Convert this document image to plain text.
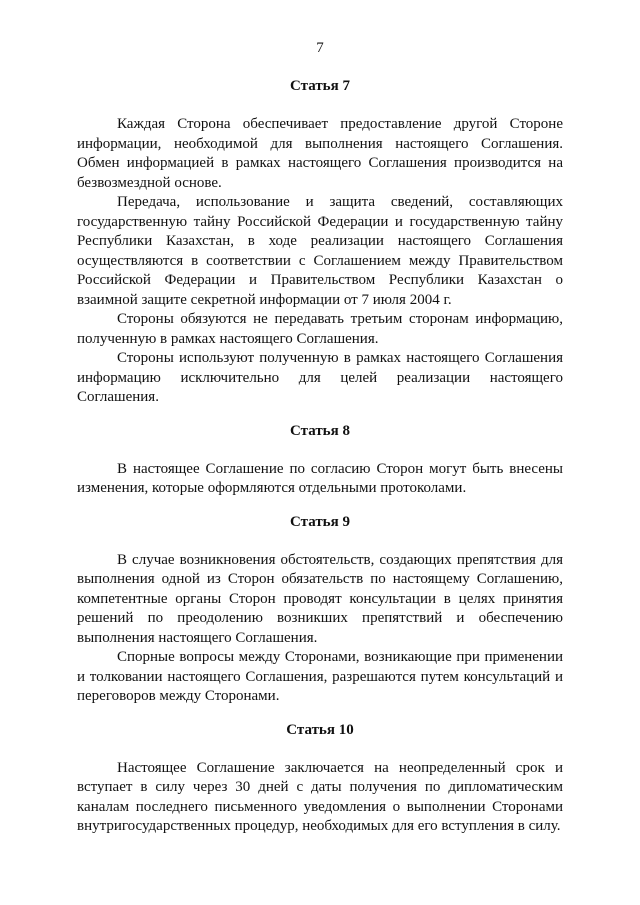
7
Статья 7

Каждая Сторона обеспечивает предоставление другой Стороне информации, необходимой для выполнения настоящего Соглашения. Обмен информацией в рамках настоящего Соглашения производится на безвозмездной основе.

Передача, использование и защита сведений, составляющих государственную тайну Российской Федерации и государственную тайну Республики Казахстан, в ходе реализации настоящего Соглашения осуществляются в соответствии с Соглашением между Правительством Российской Федерации и Правительством Республики Казахстан о взаимной защите секретной информации от 7 июля 2004 г.

Стороны обязуются не передавать третьим сторонам информацию, полученную в рамках настоящего Соглашения.

Стороны используют полученную в рамках настоящего Соглашения информацию исключительно для целей реализации настоящего Соглашения.

Статья 8

В настоящее Соглашение по согласию Сторон могут быть внесены изменения, которые оформляются отдельными протоколами.

Статья 9

В случае возникновения обстоятельств, создающих препятствия для выполнения одной из Сторон обязательств по настоящему Соглашению, компетентные органы Сторон проводят консультации в целях принятия решений по преодолению возникших препятствий и обеспечению выполнения настоящего Соглашения.

Спорные вопросы между Сторонами, возникающие при применении и толковании настоящего Соглашения, разрешаются путем консультаций и переговоров между Сторонами.

Статья 10

Настоящее Соглашение заключается на неопределенный срок и вступает в силу через 30 дней с даты получения по дипломатическим каналам последнего письменного уведомления о выполнении Сторонами внутригосударственных процедур, необходимых для его вступления в силу.
